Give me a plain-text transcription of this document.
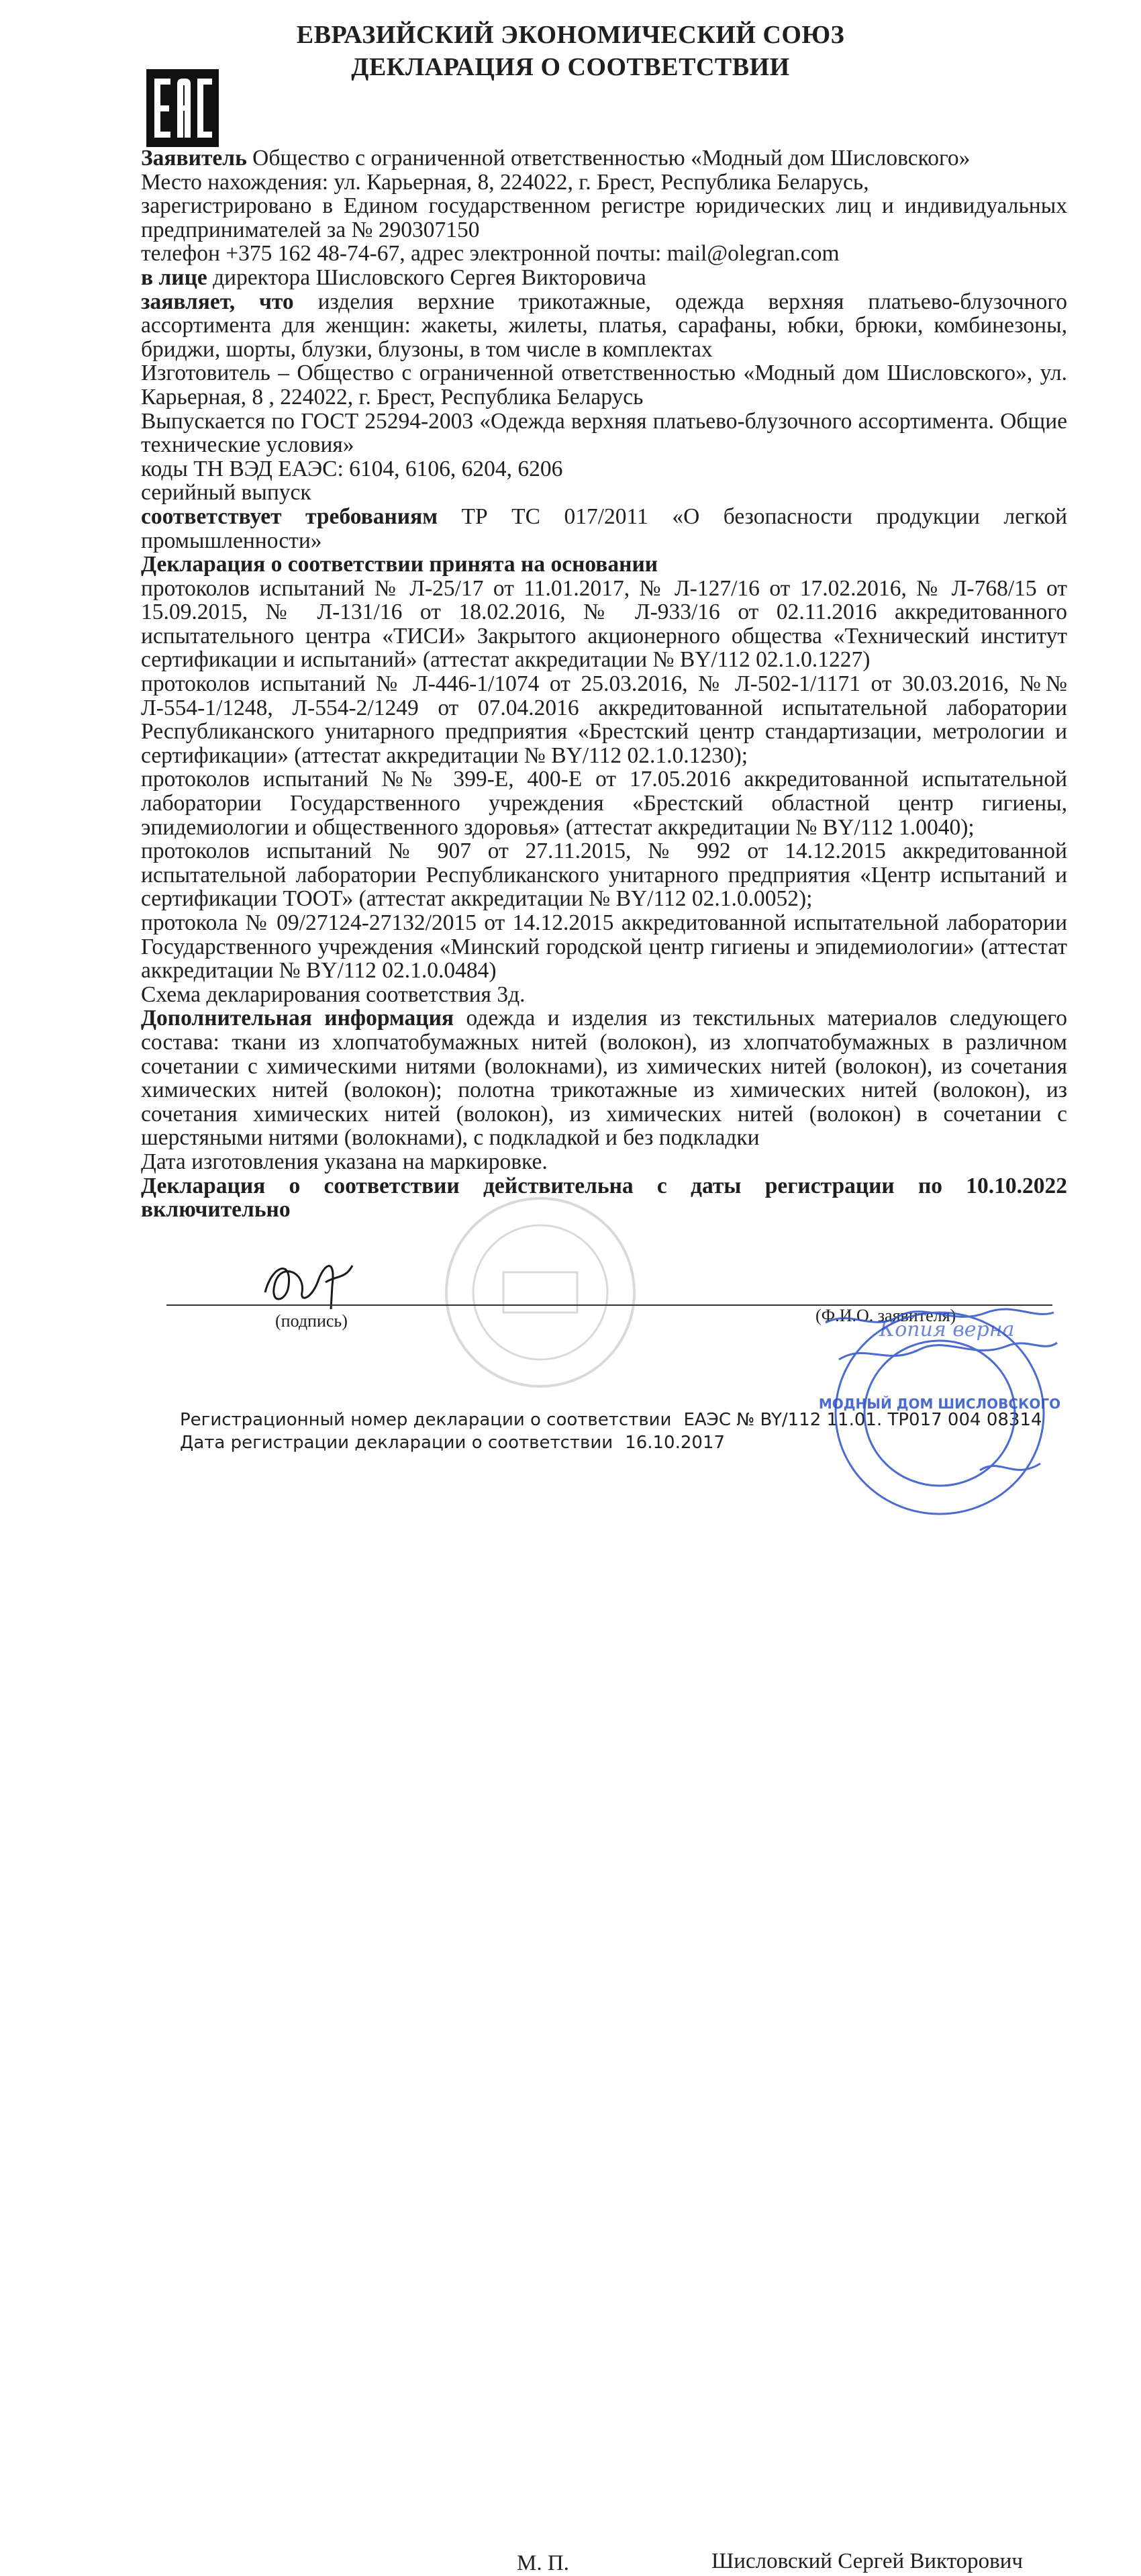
ЕВРАЗИЙСКИЙ ЭКОНОМИЧЕСКИЙ СОЮЗ
ДЕКЛАРАЦИЯ О СООТВЕТСТВИИ

Заявитель Общество с ограниченной ответственностью «Модный дом Шисловского»

Место нахождения: ул. Карьерная, 8, 224022, г. Брест, Республика Беларусь,

зарегистрировано в Едином государственном регистре юридических лиц и индивидуальных предпринимателей за № 290307150

телефон +375 162 48-74-67, адрес электронной почты: mail@olegran.com

в лице директора Шисловского Сергея Викторовича

заявляет, что изделия верхние трикотажные, одежда верхняя платьево-блузочного ассортимента для женщин: жакеты, жилеты, платья, сарафаны, юбки, брюки, комбинезоны, бриджи, шорты, блузки, блузоны, в том числе в комплектах

Изготовитель – Общество с ограниченной ответственностью «Модный дом Шисловского», ул. Карьерная, 8 , 224022, г. Брест, Республика Беларусь

Выпускается по ГОСТ 25294-2003 «Одежда верхняя платьево-блузочного ассортимента. Общие технические условия»

коды ТН ВЭД ЕАЭС: 6104, 6106, 6204, 6206

серийный выпуск

соответствует требованиям ТР ТС 017/2011 «О безопасности продукции легкой промышленности»

Декларация о соответствии принята на основании

протоколов испытаний № Л-25/17 от 11.01.2017, № Л-127/16 от 17.02.2016, № Л-768/15 от 15.09.2015, № Л-131/16 от 18.02.2016, № Л-933/16 от 02.11.2016 аккредитованного испытательного центра «ТИСИ» Закрытого акционерного общества «Технический институт сертификации и испытаний» (аттестат аккредитации № BY/112 02.1.0.1227)

протоколов испытаний № Л-446-1/1074 от 25.03.2016, № Л-502-1/1171 от 30.03.2016, №№ Л-554-1/1248, Л-554-2/1249 от 07.04.2016 аккредитованной испытательной лаборатории Республиканского унитарного предприятия «Брестский центр стандартизации, метрологии и сертификации» (аттестат аккредитации № BY/112 02.1.0.1230);

протоколов испытаний №№ 399-Е, 400-Е от 17.05.2016 аккредитованной испытательной лаборатории Государственного учреждения «Брестский областной центр гигиены, эпидемиологии и общественного здоровья» (аттестат аккредитации № BY/112 1.0040);

протоколов испытаний № 907 от 27.11.2015, № 992 от 14.12.2015 аккредитованной испытательной лаборатории Республиканского унитарного предприятия «Центр испытаний и сертификации ТООТ» (аттестат аккредитации № BY/112 02.1.0.0052);

протокола № 09/27124-27132/2015 от 14.12.2015 аккредитованной испытательной лаборатории Государственного учреждения «Минский городской центр гигиены и эпидемиологии» (аттестат аккредитации № BY/112 02.1.0.0484)

Схема декларирования соответствия 3д.

Дополнительная информация одежда и изделия из текстильных материалов следующего состава: ткани из хлопчатобумажных нитей (волокон), из хлопчатобумажных в различном сочетании с химическими нитями (волокнами), из химических нитей (волокон), из сочетания химических нитей (волокон); полотна трикотажные из химических нитей (волокон), из сочетания химических нитей (волокон), из химических нитей (волокон) в сочетании с шерстяными нитями (волокнами), с подкладкой и без подкладки

Дата изготовления указана на маркировке.

Декларация о соответствии действительна с даты регистрации по 10.10.2022 включительно

М. П.	Шисловский Сергей Викторович
(подпись)	(Ф.И.О. заявителя)
Регистрационный номер декларации о соответствии ЕАЭС № BY/112 11.01. ТР017 004 08314
Дата регистрации декларации о соответствии 16.10.2017
МОДНЫЙ ДОМ ШИСЛОВСКОГО
Копия верна
